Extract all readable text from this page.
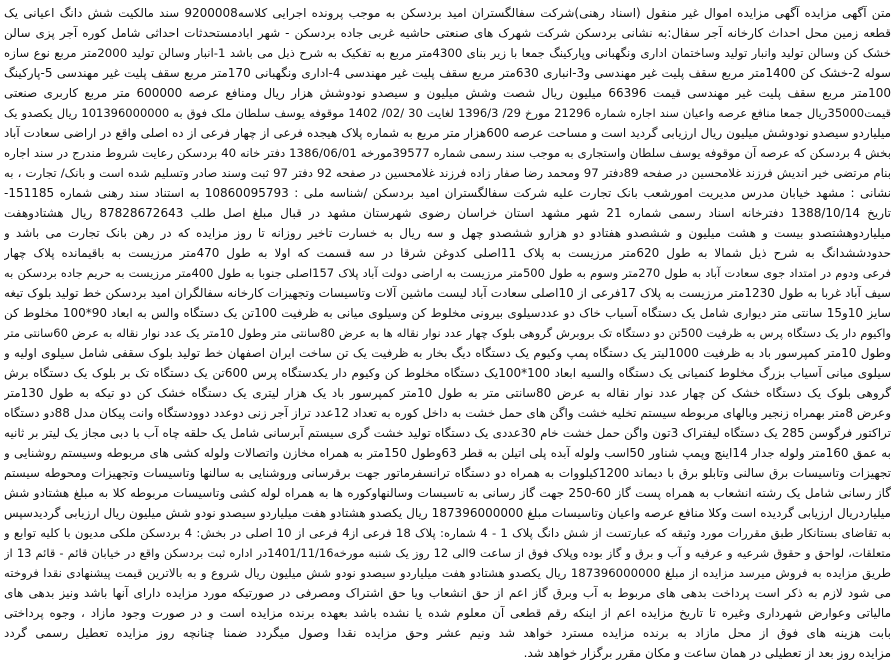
متن آگهی مزایده آگهی مزایده اموال غیر منقول (اسناد رهنی)شرکت سفالگستران امید بردسکن به موجب پرونده اجرایی کلاسه9200008 سند مالکیت شش دانگ اعیانی یک
قطعه زمین محل احداث کارخانه آجر سفال:به نشانی بردسکن شرکت شهرک های صنعتی حاشیه غربی جاده بردسکن - شهر ابادمستحدثات احداثی شامل کوره آجر پزی سالن
خشک کن وسالن تولید وانبار تولید وساختمان اداری ونگهبانی وپارکینگ جمعا با زیر بنای 4300متر مربع به تفکیک به شرح ذیل می باشد 1-انبار وسالن تولید 2000متر مربع نوع سازه
سوله 2-خشک کن 1400متر مربع سقف پلیت غیر مهندسی و3-انباری 630متر مربع سقف پلیت غیر مهندسی 4-اداری ونگهبانی 170متر مربع سقف پلیت غیر مهندسی 5-پارکینگ
100متر مربع سقف پلیت غیر مهندسی قیمت 66396 میلیون ریال شصت وشش میلیون و سیصدو نودوشش هزار ریال ومنافع عرصه 600000 متر مربع کاربری صنعتی
قیمت35000ریال جمعا منافع عرصه واعیان سند اجاره شماره 21296 مورخ 29/ 1396/3 لغایت 30 /02/ 1402 موقوفه یوسف سلطان ملک فوق به 101396000000 ریال یکصدو یک
میلیاردو سیصدو نودوشش میلیون ریال ارزیابی گردید است و مساحت عرصه 600هزار متر مربع به شماره پلاک هیجده فرعی از چهار فرعی از ده اصلی واقع در اراضی سعادت آباد
بخش 4 بردسکن که عرصه آن موقوفه یوسف سلطان واستجاری به موجب سند رسمی شماره 39577مورخه 1386/06/01 دفتر خانه 40 بردسکن رعایت شروط مندرج در سند اجاره
بنام مرتضی خیر اندیش فرزند غلامحسین در صفحه 89دفتر 97 ومحمد رضا صفار زاده فرزند غلامحسین در صفحه 92 دفتر 97 ثبت وسند صادر وتسلیم شده است و بانک/ تجارت ، به
نشانی : مشهد خیابان مدرس مدیریت امورشعب بانک تجارت علیه شرکت سفالگستران امید بردسکن /شناسه ملی : 10860095793 به استناد سند رهنی شماره 151185-
تاریخ 1388/10/14 دفترخانه اسناد رسمی شماره 21 شهر مشهد استان خراسان رضوی شهرستان مشهد در قبال مبلغ اصل طلب 87828672643 ریال هشتادوهفت
میلیاردوهشتصدو بیست و هشت میلیون و ششصدو هفتادو دو هزارو ششصدو چهل و سه ریال به خسارت تاخیر روزانه تا روز مزایده که در رهن بانک تجارت می باشد و
حدودششدانگ به شرح ذیل شمالا به طول 620متر مرزیست به پلاک 11اصلی کدوغن شرقا در سه قسمت که اولا به طول 470متر مرزیست به باقیمانده پلاک چهار
فرعی ودوم در امتداد جوی سعادت آباد به طول 270متر وسوم به طول 500متر مرزیست به اراضی دولت آباد پلاک 157اصلی جنوبا به طول 400متر مرزیست به حریم جاده بردسکن به
سیف آباد غربا به طول 1230متر مرزیست به پلاک 17فرعی از 10اصلی سعادت آباد لیست ماشین آلات وتاسیسات وتجهیزات کارخانه سفالگران امید بردسکن خط تولید بلوک تیغه
سایز 10و15 سانتی متر دیواری شامل یک دستگاه آسیاب خاک دو عددسیلوی بیرونی مخلوط کن وسیلوی میانی به ظرفیت 100تن یک دستگاه والس به ابعاد 90*100 مخلوط کن
واکیوم دار یک دستگاه پرس به ظرفیت 500تن دو دستگاه تک بروبرش گروهی بلوک چهار عدد نوار نقاله ها به عرض 80سانتی متر وطول 10متر یک عدد نوار نقاله به عرض 60سانتی متر
وطول 10متر کمپرسور باد به ظرفیت 1000لیتر یک دستگاه پمپ وکیوم یک دستگاه دیگ بخار به ظرفیت یک تن ساخت ایران اصفهان خط تولید بلوک سقفی شامل سیلوی اولیه و
سیلوی میانی آسیاب بزرگ مخلوط کنمیانی یک دستگاه والسیه ابعاد 100*100یک دستگاه مخلوط کن وکیوم دار یکدستگاه پرس 600تن یک دستگاه تک بر بلوک یک دستگاه برش
گروهی بلوک یک دستگاه خشک کن چهار عدد نوار نقاله به عرض 80سانتی متر به طول 10متر کمپرسور باد یک هزار لیتری یک دستگاه خشک کن دو تیکه به طول 130متر
وعرض 8متر بهمراه زنجیر وبالهای مربوطه سیستم تخلیه خشت واگن های حمل خشت به داخل کوره به تعداد 12عدد تراز آجر زنی دوعدد دوودستگاه وانت پیکان مدل 88دو دستگاه
تراکتور فرگوسن 285 یک دستگاه لیفتراک 3تون واگن حمل خشت خام 30عددی یک دستگاه تولید خشت گری سیستم آبرسانی شامل یک حلقه چاه آب با دبی مجاز یک لیتر بر ثانیه
به عمق 160متر ولوله جدار 14اینچ وپمپ شناور 50اسب ولوله آبده پلی اتیلن به قطر 63وطول 150متر به همراه مخازن واتصالات ولوله کشی های مربوطه وسیستم روشنایی و
تجهیزات وتاسیسات برق سالنی وتابلو برق با دیماند 1200کیلووات به همراه دو دستگاه ترانسفرماتور جهت برقرسانی وروشنایی به سالنها وتاسیسات وتجهیزات ومحوطه سیستم
گاز رسانی شامل یک رشته انشعاب به همراه پست گاز 60-250 جهت گاز رسانی به تاسیسات وسالنهاوکوره ها به همراه لوله کشی وتاسیسات مربوطه کلا به مبلغ هشتادو شش
میلیاردریال ارزیابی گردیده است وکلا منافع عرصه واعیان وتاسیسات مبلغ 187396000000 ریال یکصدو هشتادو هفت میلیاردو سیصدو نودو شش میلیون ریال ارزیابی گردیدسپس
به تقاضای بستانکار طبق مقررات مورد وثیقه که عبارتست از شش دانگ پلاک 1 - 4 شماره: پلاک 18 فرعی از4 فرعی از 10 اصلی در بخش: 4 بردسکن ملکی مدیون با کلیه توابع و
متعلقات، لواحق و حقوق شرعیه و عرفیه و آب و برق و گاز بوده وپلاک فوق از ساعت 9الی 12 روز یک شنبه مورخه1401/11/16در اداره ثبت بردسکن واقع در خیابان قائم - قائم 13 از
طریق مزایده به فروش میرسد مزایده از مبلغ 187396000000 ریال یکصدو هشتادو هفت میلیاردو سیصدو نودو شش میلیون ریال شروع و به بالاترین قیمت پیشنهادی نقدا فروخته
می شود لازم به ذکر است پرداخت بدهی های مربوط به آب وبرق گاز اعم از حق انشعاب ویا حق اشتراک ومصرفی در صورتیکه مورد مزایده دارای آنها باشد ونیز بدهی های
مالیاتی وعوارض شهرداری وغیره تا تاریخ مزایده اعم از اینکه رقم قطعی آن معلوم شده یا نشده باشد بعهده برنده مزایده است و در صورت وجود مازاد ، وجوه پرداختی
بابت هزینه های فوق از محل مازاد به برنده مزایده مسترد خواهد شد ونیم عشر وحق مزایده نقدا وصول میگردد ضمنا چنانچه روز مزایده تعطیل رسمی گردد
مزایده روز بعد از تعطیلی در همان ساعت و مکان مقرر برگزار خواهد شد.
